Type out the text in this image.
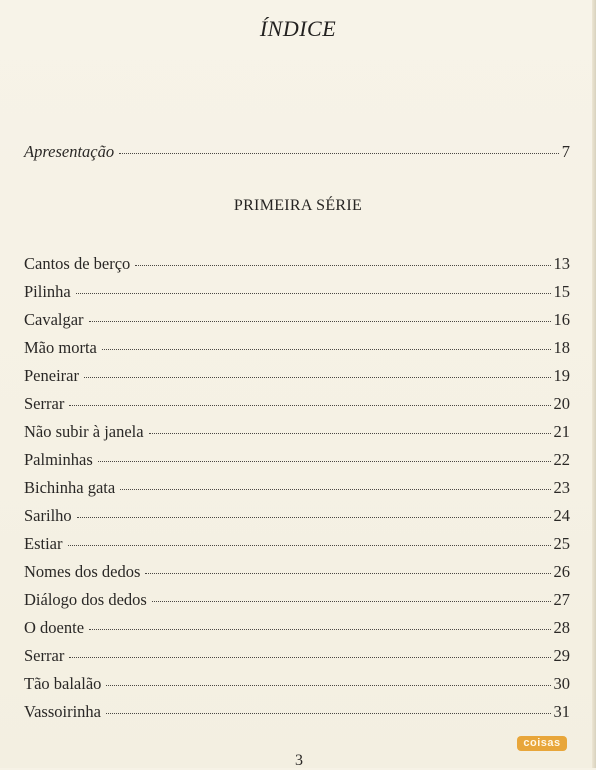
ÍNDICE
Apresentação	7
PRIMEIRA SÉRIE
Cantos de berço	13
Pilinha	15
Cavalgar	16
Mão morta	18
Peneirar	19
Serrar	20
Não subir à janela	21
Palminhas	22
Bichinha gata	23
Sarilho	24
Estiar	25
Nomes dos dedos	26
Diálogo dos dedos	27
O doente	28
Serrar	29
Tão balalão	30
Vassoirinha	31
coisas
3
